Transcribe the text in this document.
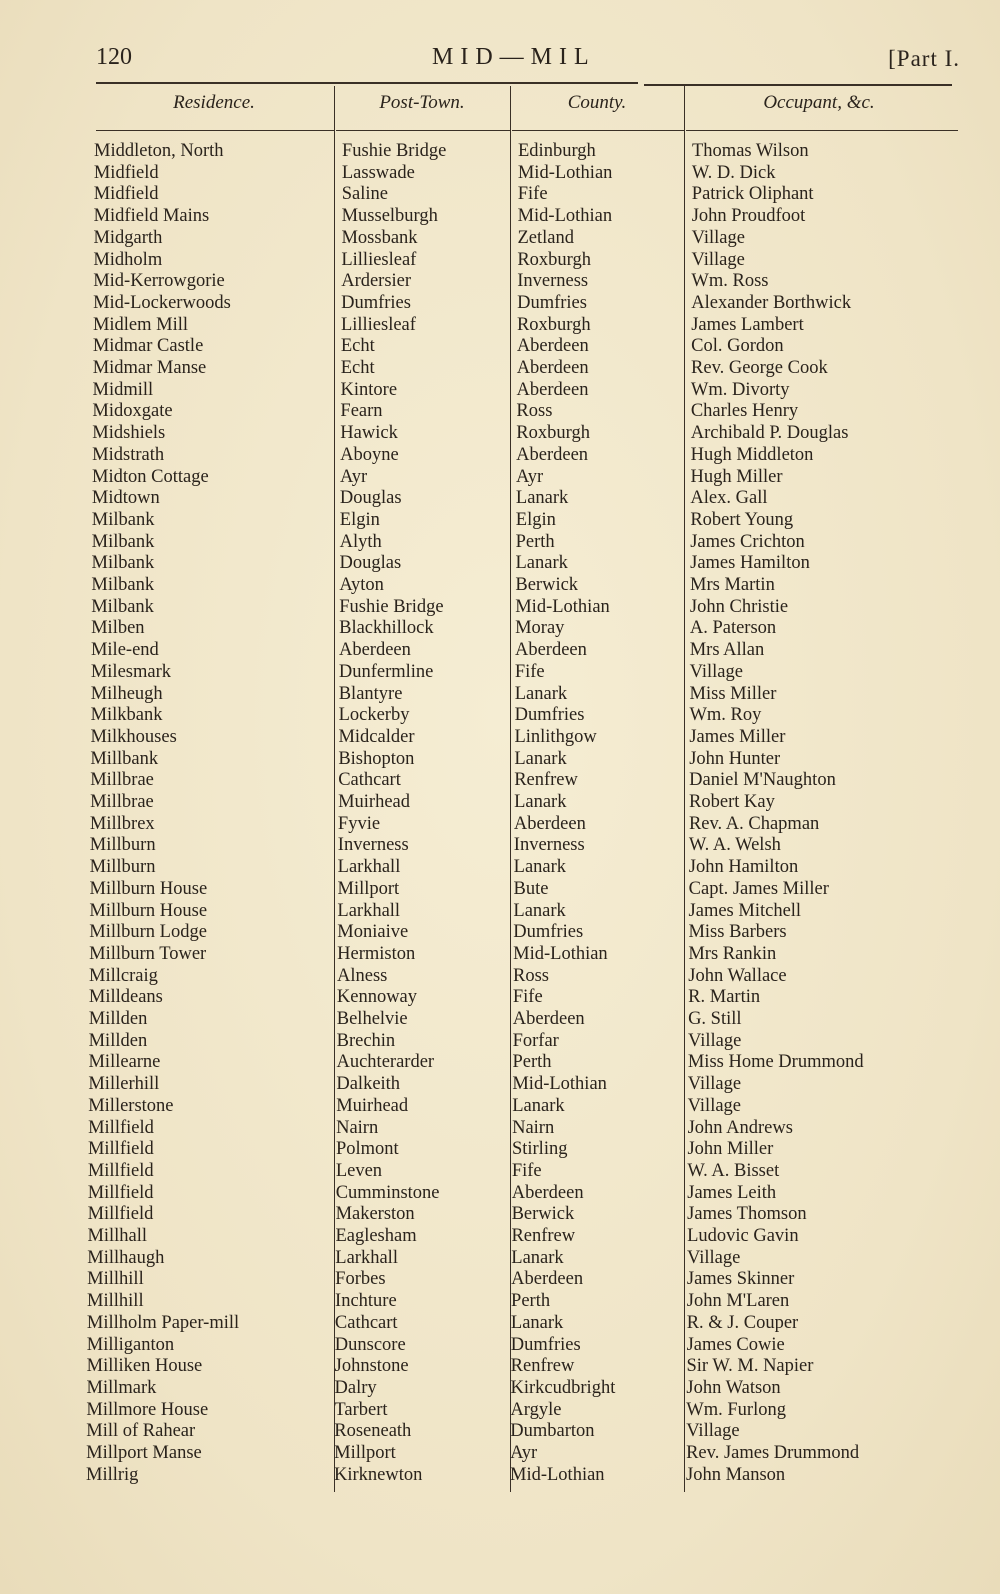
120	MID—MIL	[Part I.
Residence.	Post-Town.	County.	Occupant, &c.
Middleton, North	Fushie Bridge	Edinburgh	Thomas Wilson
Midfield	Lasswade	Mid-Lothian	W. D. Dick
Midfield	Saline	Fife	Patrick Oliphant
Midfield Mains	Musselburgh	Mid-Lothian	John Proudfoot
Midgarth	Mossbank	Zetland	Village
Midholm	Lilliesleaf	Roxburgh	Village
Mid-Kerrowgorie	Ardersier	Inverness	Wm. Ross
Mid-Lockerwoods	Dumfries	Dumfries	Alexander Borthwick
Midlem Mill	Lilliesleaf	Roxburgh	James Lambert
Midmar Castle	Echt	Aberdeen	Col. Gordon
Midmar Manse	Echt	Aberdeen	Rev. George Cook
Midmill	Kintore	Aberdeen	Wm. Divorty
Midoxgate	Fearn	Ross	Charles Henry
Midshiels	Hawick	Roxburgh	Archibald P. Douglas
Midstrath	Aboyne	Aberdeen	Hugh Middleton
Midton Cottage	Ayr	Ayr	Hugh Miller
Midtown	Douglas	Lanark	Alex. Gall
Milbank	Elgin	Elgin	Robert Young
Milbank	Alyth	Perth	James Crichton
Milbank	Douglas	Lanark	James Hamilton
Milbank	Ayton	Berwick	Mrs Martin
Milbank	Fushie Bridge	Mid-Lothian	John Christie
Milben	Blackhillock	Moray	A. Paterson
Mile-end	Aberdeen	Aberdeen	Mrs Allan
Milesmark	Dunfermline	Fife	Village
Milheugh	Blantyre	Lanark	Miss Miller
Milkbank	Lockerby	Dumfries	Wm. Roy
Milkhouses	Midcalder	Linlithgow	James Miller
Millbank	Bishopton	Lanark	John Hunter
Millbrae	Cathcart	Renfrew	Daniel M'Naughton
Millbrae	Muirhead	Lanark	Robert Kay
Millbrex	Fyvie	Aberdeen	Rev. A. Chapman
Millburn	Inverness	Inverness	W. A. Welsh
Millburn	Larkhall	Lanark	John Hamilton
Millburn House	Millport	Bute	Capt. James Miller
Millburn House	Larkhall	Lanark	James Mitchell
Millburn Lodge	Moniaive	Dumfries	Miss Barbers
Millburn Tower	Hermiston	Mid-Lothian	Mrs Rankin
Millcraig	Alness	Ross	John Wallace
Milldeans	Kennoway	Fife	R. Martin
Millden	Belhelvie	Aberdeen	G. Still
Millden	Brechin	Forfar	Village
Millearne	Auchterarder	Perth	Miss Home Drummond
Millerhill	Dalkeith	Mid-Lothian	Village
Millerstone	Muirhead	Lanark	Village
Millfield	Nairn	Nairn	John Andrews
Millfield	Polmont	Stirling	John Miller
Millfield	Leven	Fife	W. A. Bisset
Millfield	Cumminstone	Aberdeen	James Leith
Millfield	Makerston	Berwick	James Thomson
Millhall	Eaglesham	Renfrew	Ludovic Gavin
Millhaugh	Larkhall	Lanark	Village
Millhill	Forbes	Aberdeen	James Skinner
Millhill	Inchture	Perth	John M'Laren
Millholm Paper-mill	Cathcart	Lanark	R. & J. Couper
Milliganton	Dunscore	Dumfries	James Cowie
Milliken House	Johnstone	Renfrew	Sir W. M. Napier
Millmark	Dalry	Kirkcudbright	John Watson
Millmore House	Tarbert	Argyle	Wm. Furlong
Mill of Rahear	Roseneath	Dumbarton	Village
Millport Manse	Millport	Ayr	Rev. James Drummond
Millrig	Kirknewton	Mid-Lothian	John Manson
